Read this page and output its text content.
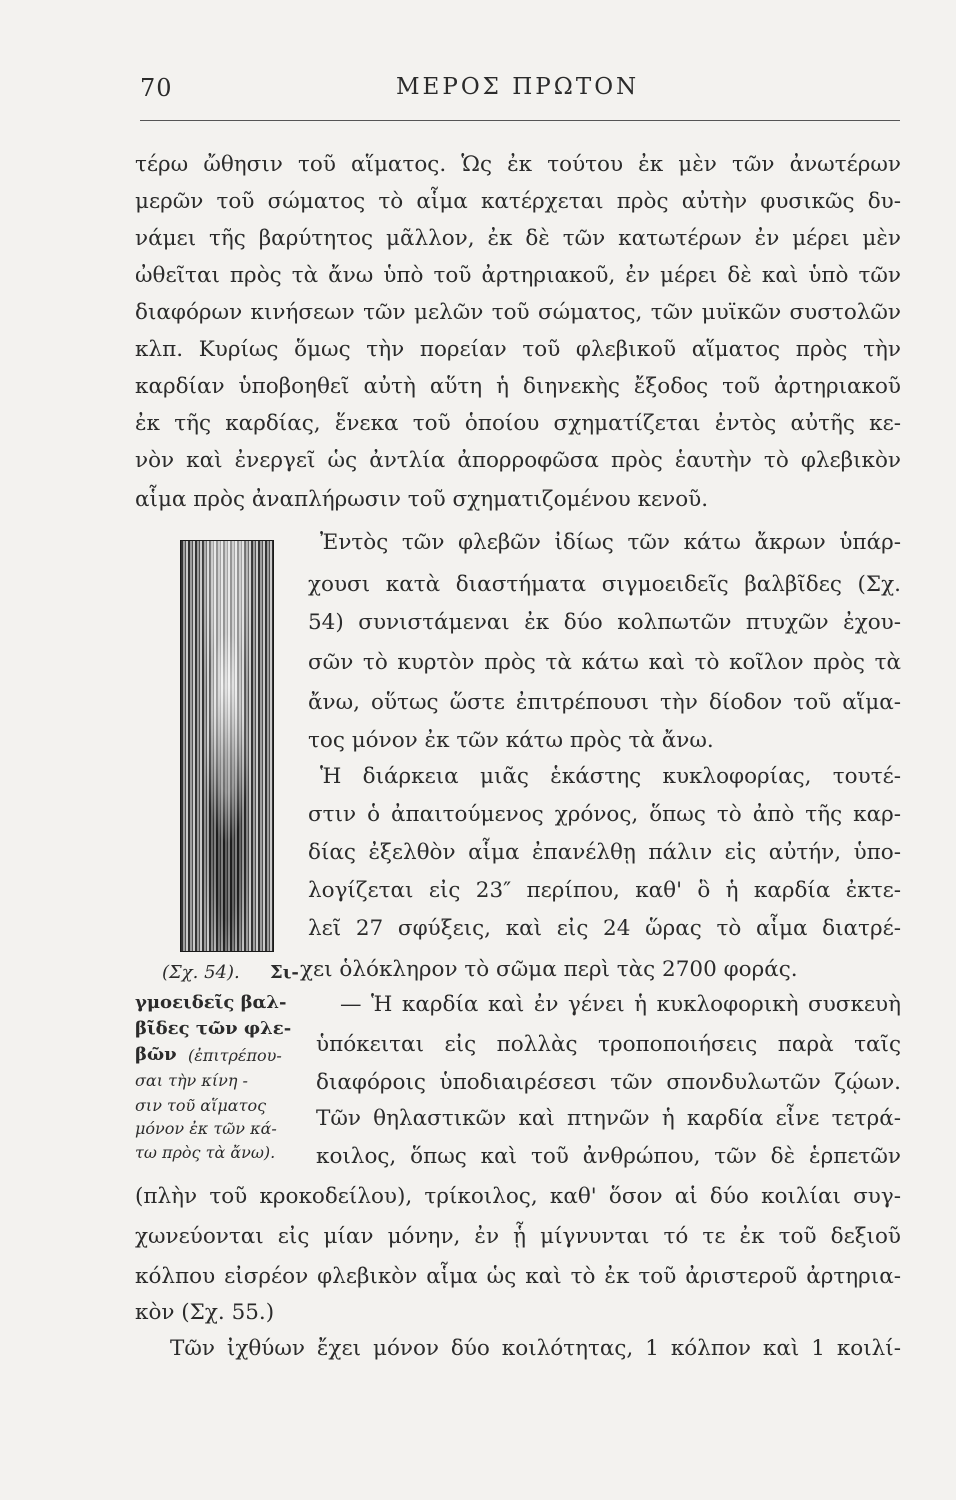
70	ΜΕΡΟΣ ΠΡΩΤΟΝ
τέρω ὤθησιν τοῦ αἵματος. Ὡς ἐκ τούτου ἐκ μὲν τῶν ἀνωτέρων
μερῶν τοῦ σώματος τὸ αἷμα κατέρχεται πρὸς αὐτὴν φυσικῶς δυ-
νάμει τῆς βαρύτητος μᾶλλον, ἐκ δὲ τῶν κατωτέρων ἐν μέρει μὲν
ὠθεῖται πρὸς τὰ ἄνω ὑπὸ τοῦ ἀρτηριακοῦ, ἐν μέρει δὲ καὶ ὑπὸ τῶν
διαφόρων κινήσεων τῶν μελῶν τοῦ σώματος, τῶν μυϊκῶν συστολῶν
κλπ. Κυρίως ὅμως τὴν πορείαν τοῦ φλεβικοῦ αἵματος πρὸς τὴν
καρδίαν ὑποβοηθεῖ αὐτὴ αὕτη ἡ διηνεκὴς ἔξοδος τοῦ ἀρτηριακοῦ
ἐκ τῆς καρδίας, ἕνεκα τοῦ ὁποίου σχηματίζεται ἐντὸς αὐτῆς κε-
νὸν καὶ ἐνεργεῖ ὡς ἀντλία ἀπορροφῶσα πρὸς ἑαυτὴν τὸ φλεβικὸν
αἷμα πρὸς ἀναπλήρωσιν τοῦ σχηματιζομένου κενοῦ.
Ἐντὸς τῶν φλεβῶν ἰδίως τῶν κάτω ἄκρων ὑπάρ-
χουσι κατὰ διαστήματα σιγμοειδεῖς βαλβῖδες (Σχ.
54) συνιστάμεναι ἐκ δύο κολπωτῶν πτυχῶν ἐχου-
σῶν τὸ κυρτὸν πρὸς τὰ κάτω καὶ τὸ κοῖλον πρὸς τὰ
ἄνω, οὕτως ὥστε ἐπιτρέπουσι τὴν δίοδον τοῦ αἵμα-
τος μόνον ἐκ τῶν κάτω πρὸς τὰ ἄνω.
Ἡ διάρκεια μιᾶς ἑκάστης κυκλοφορίας, τουτέ-
στιν ὁ ἀπαιτούμενος χρόνος, ὅπως τὸ ἀπὸ τῆς καρ-
δίας ἐξελθὸν αἷμα ἐπανέλθῃ πάλιν εἰς αὐτήν, ὑπο-
λογίζεται εἰς 23″ περίπου, καθ' ὃ ἡ καρδία ἐκτε-
λεῖ 27 σφύξεις, καὶ εἰς 24 ὥρας τὸ αἷμα διατρέ-
χει ὁλόκληρον τὸ σῶμα περὶ τὰς 2700 φοράς.
— Ἡ καρδία καὶ ἐν γένει ἡ κυκλοφορικὴ συσκευὴ
ὑπόκειται εἰς πολλὰς τροποποιήσεις παρὰ ταῖς
διαφόροις ὑποδιαιρέσεσι τῶν σπονδυλωτῶν ζῴων.
Τῶν θηλαστικῶν καὶ πτηνῶν ἡ καρδία εἶνε τετρά-
κοιλος, ὅπως καὶ τοῦ ἀνθρώπου, τῶν δὲ ἑρπετῶν
(Σχ. 54). Σι-
γμοειδεῖς βαλ-
βῖδες τῶν φλε-
βῶν (ἐπιτρέπου-
σαι τὴν κίνη -
σιν τοῦ αἵματος
μόνον ἐκ τῶν κά-
τω πρὸς τὰ ἄνω).
(πλὴν τοῦ κροκοδείλου), τρίκοιλος, καθ' ὅσον αἱ δύο κοιλίαι συγ-
χωνεύονται εἰς μίαν μόνην, ἐν ᾗ μίγνυνται τό τε ἐκ τοῦ δεξιοῦ
κόλπου εἰσρέον φλεβικὸν αἷμα ὡς καὶ τὸ ἐκ τοῦ ἀριστεροῦ ἀρτηρια-
κὸν (Σχ. 55.)
Τῶν ἰχθύων ἔχει μόνον δύο κοιλότητας, 1 κόλπον καὶ 1 κοιλί-
